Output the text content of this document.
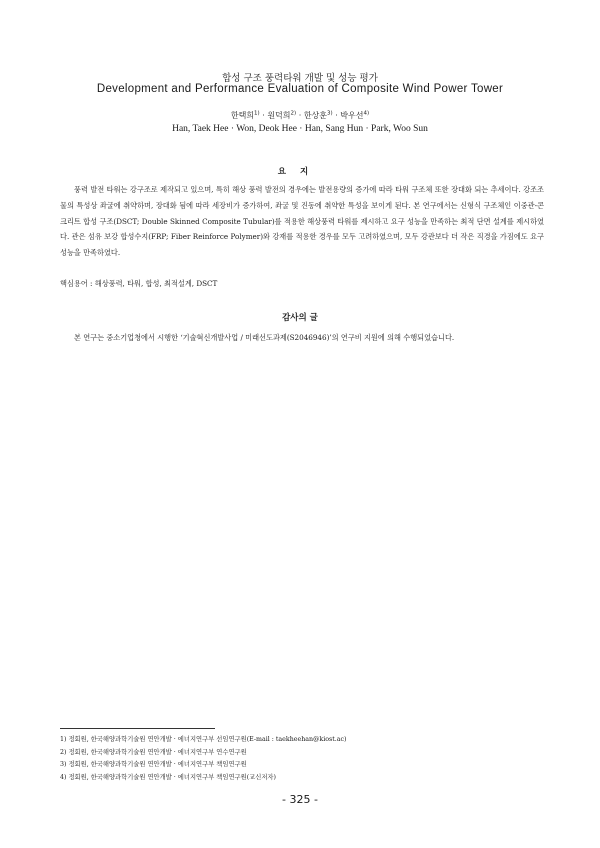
합성 구조 풍력타워 개발 및 성능 평가
Development and Performance Evaluation of Composite Wind Power Tower
한택희$^{1)}$ · 원덕희$^{2)}$ · 한상훈$^{3)}$ · 박우선$^{4)}$
Han, Taek Hee · Won, Deok Hee · Han, Sang Hun · Park, Woo Sun
요지

풍력 발전 타워는 강구조로 제작되고 있으며, 특히 해상 풍력 발전의 경우에는 발전용량의 증가에 따라 타워 구조체 또한 장대화 되는 추세이다. 강조조물의 특성상 좌굴에 취약하며, 장대화 됨에 따라 세장비가 증가하여, 좌굴 및 진동에 취약한 특성을 보이게 된다. 본 연구에서는 신형식 구조체인 이중관-콘크리트 합성 구조(DSCT; Double Skinned Composite Tubular)를 적용한 해상풍력 타워를 제시하고 요구 성능을 만족하는 최적 단면 설계를 제시하였다. 관은 섬유 보강 합성수지(FRP; Fiber Reinforce Polymer)와 강재를 적용한 경우를 모두 고려하였으며, 모두 강관보다 더 작은 직경을 가짐에도 요구 성능을 만족하였다.

핵심용어 : 해상풍력, 타워, 합성, 최적설계, DSCT
감사의 글

본 연구는 중소기업청에서 시행한 ‘기술혁신개발사업 / 미래선도과제(S2046946)’의 연구비 지원에 의해 수행되었습니다.

1) 정회원, 한국해양과학기술원 연안개발 · 에너지연구부 선임연구원(E-mail : taekheehan@kiost.ac)
2) 정회원, 한국해양과학기술원 연안개발 · 에너지연구부 연수연구원
3) 정회원, 한국해양과학기술원 연안개발 · 에너지연구부 책임연구원
4) 정회원, 한국해양과학기술원 연안개발 · 에너지연구부 책임연구원(교신저자)
- 325 -
